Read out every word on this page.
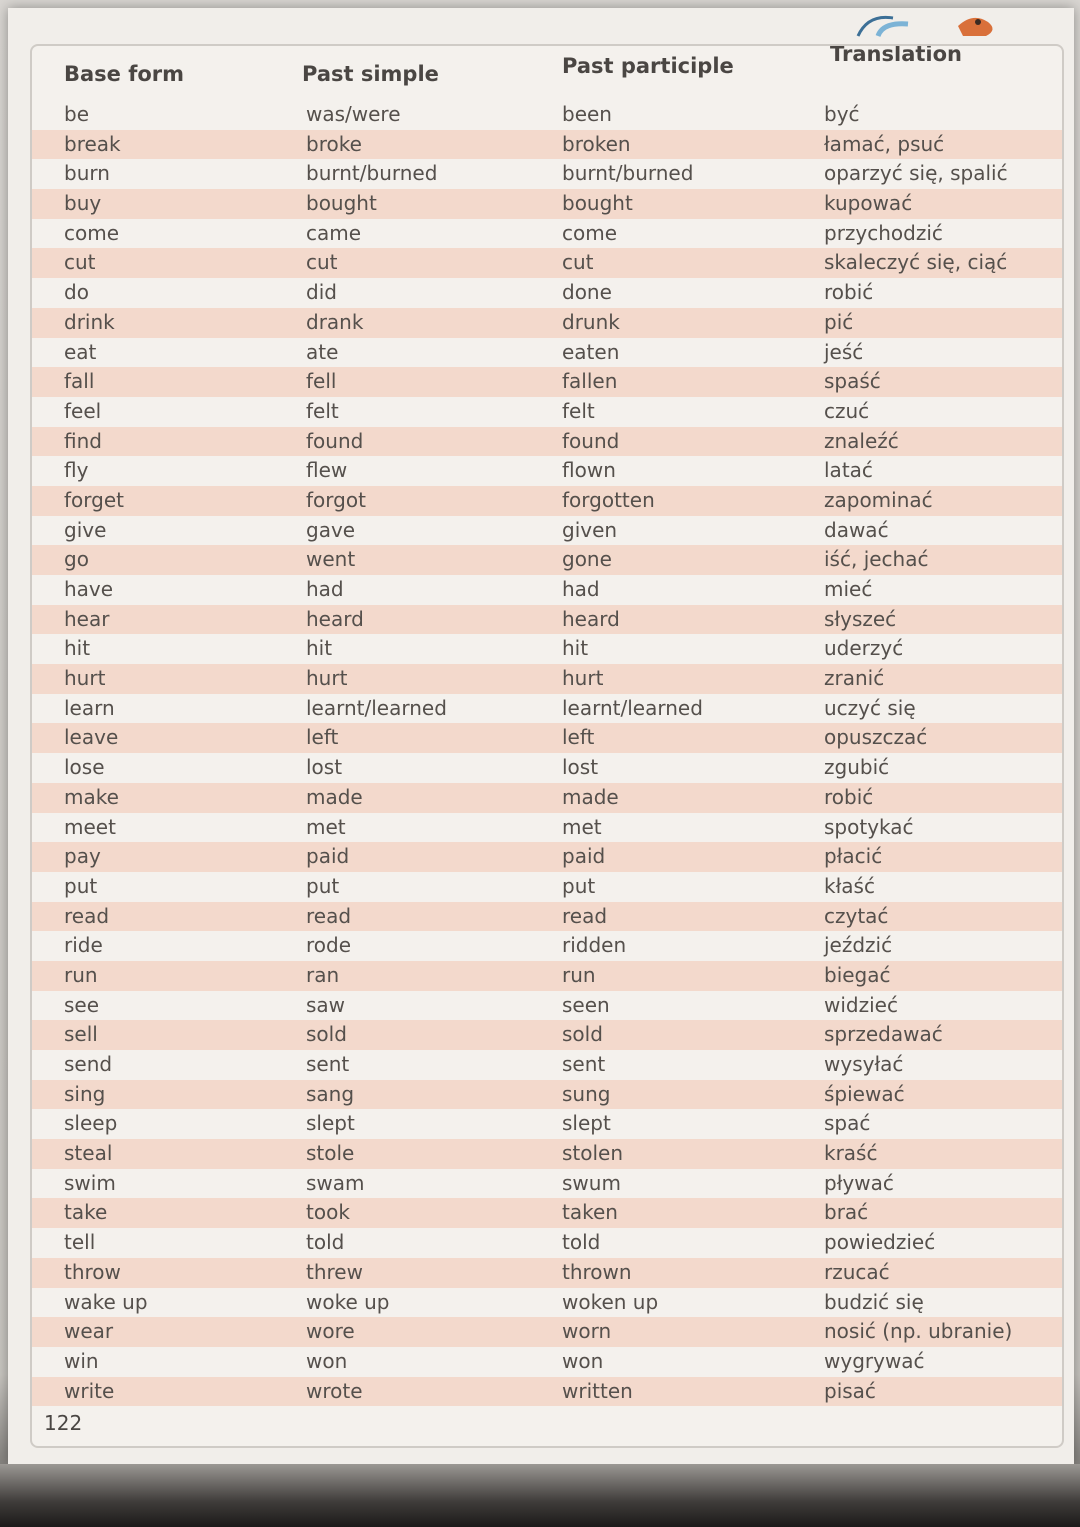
Base form	Past simple	Past participle	Translation
be	was/were	been	być
break	broke	broken	łamać, psuć
burn	burnt/burned	burnt/burned	oparzyć się, spalić
buy	bought	bought	kupować
come	came	come	przychodzić
cut	cut	cut	skaleczyć się, ciąć
do	did	done	robić
drink	drank	drunk	pić
eat	ate	eaten	jeść
fall	fell	fallen	spaść
feel	felt	felt	czuć
find	found	found	znaleźć
fly	flew	flown	latać
forget	forgot	forgotten	zapominać
give	gave	given	dawać
go	went	gone	iść, jechać
have	had	had	mieć
hear	heard	heard	słyszeć
hit	hit	hit	uderzyć
hurt	hurt	hurt	zranić
learn	learnt/learned	learnt/learned	uczyć się
leave	left	left	opuszczać
lose	lost	lost	zgubić
make	made	made	robić
meet	met	met	spotykać
pay	paid	paid	płacić
put	put	put	kłaść
read	read	read	czytać
ride	rode	ridden	jeździć
run	ran	run	biegać
see	saw	seen	widzieć
sell	sold	sold	sprzedawać
send	sent	sent	wysyłać
sing	sang	sung	śpiewać
sleep	slept	slept	spać
steal	stole	stolen	kraść
swim	swam	swum	pływać
take	took	taken	brać
tell	told	told	powiedzieć
throw	threw	thrown	rzucać
wake up	woke up	woken up	budzić się
wear	wore	worn	nosić (np. ubranie)
win	won	won	wygrywać
write	wrote	written	pisać
122
